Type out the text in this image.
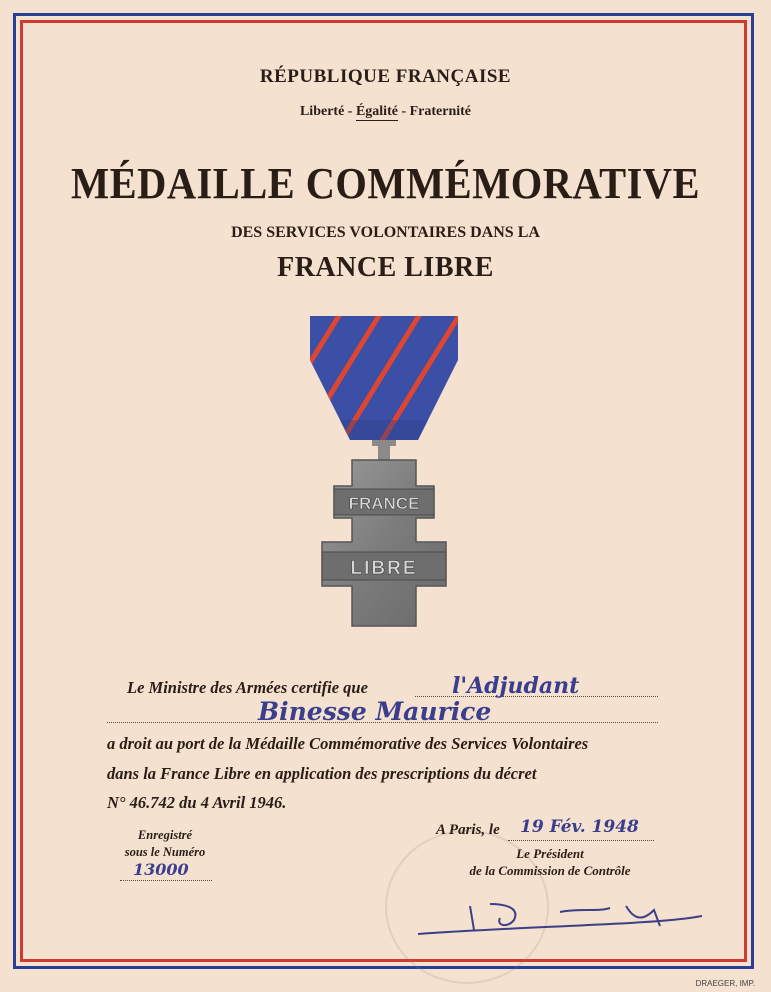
RÉPUBLIQUE FRANÇAISE
Liberté - Égalité - Fraternité
MÉDAILLE COMMÉMORATIVE
DES SERVICES VOLONTAIRES DANS LA
FRANCE LIBRE
FRANCE
LIBRE
Le Ministre des Armées certifie que	l'Adjudant
Binesse Maurice
a droit au port de la Médaille Commémorative des Services Volontaires
dans la France Libre en application des prescriptions du décret
N° 46.742 du 4 Avril 1946.
Enregistré
sous le Numéro
13000
A Paris, le 19 Fév. 1948
Le Président
de la Commission de Contrôle
DRAEGER, IMP.
